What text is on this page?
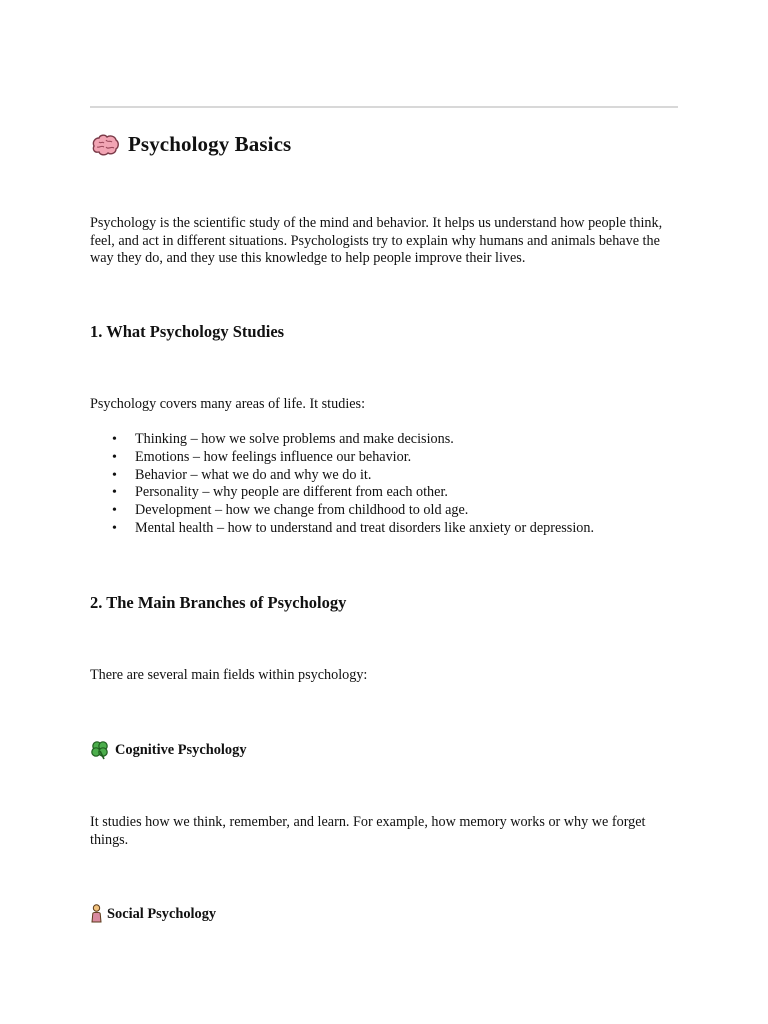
Psychology Basics

Psychology is the scientific study of the mind and behavior. It helps us understand how people think, feel, and act in different situations. Psychologists try to explain why humans and animals behave the way they do, and they use this knowledge to help people improve their lives.

1. What Psychology Studies

Psychology covers many areas of life. It studies:

• Thinking – how we solve problems and make decisions.
• Emotions – how feelings influence our behavior.
• Behavior – what we do and why we do it.
• Personality – why people are different from each other.
• Development – how we change from childhood to old age.
• Mental health – how to understand and treat disorders like anxiety or depression.
2. The Main Branches of Psychology

There are several main fields within psychology:

Cognitive Psychology

It studies how we think, remember, and learn. For example, how memory works or why we forget things.

Social Psychology
